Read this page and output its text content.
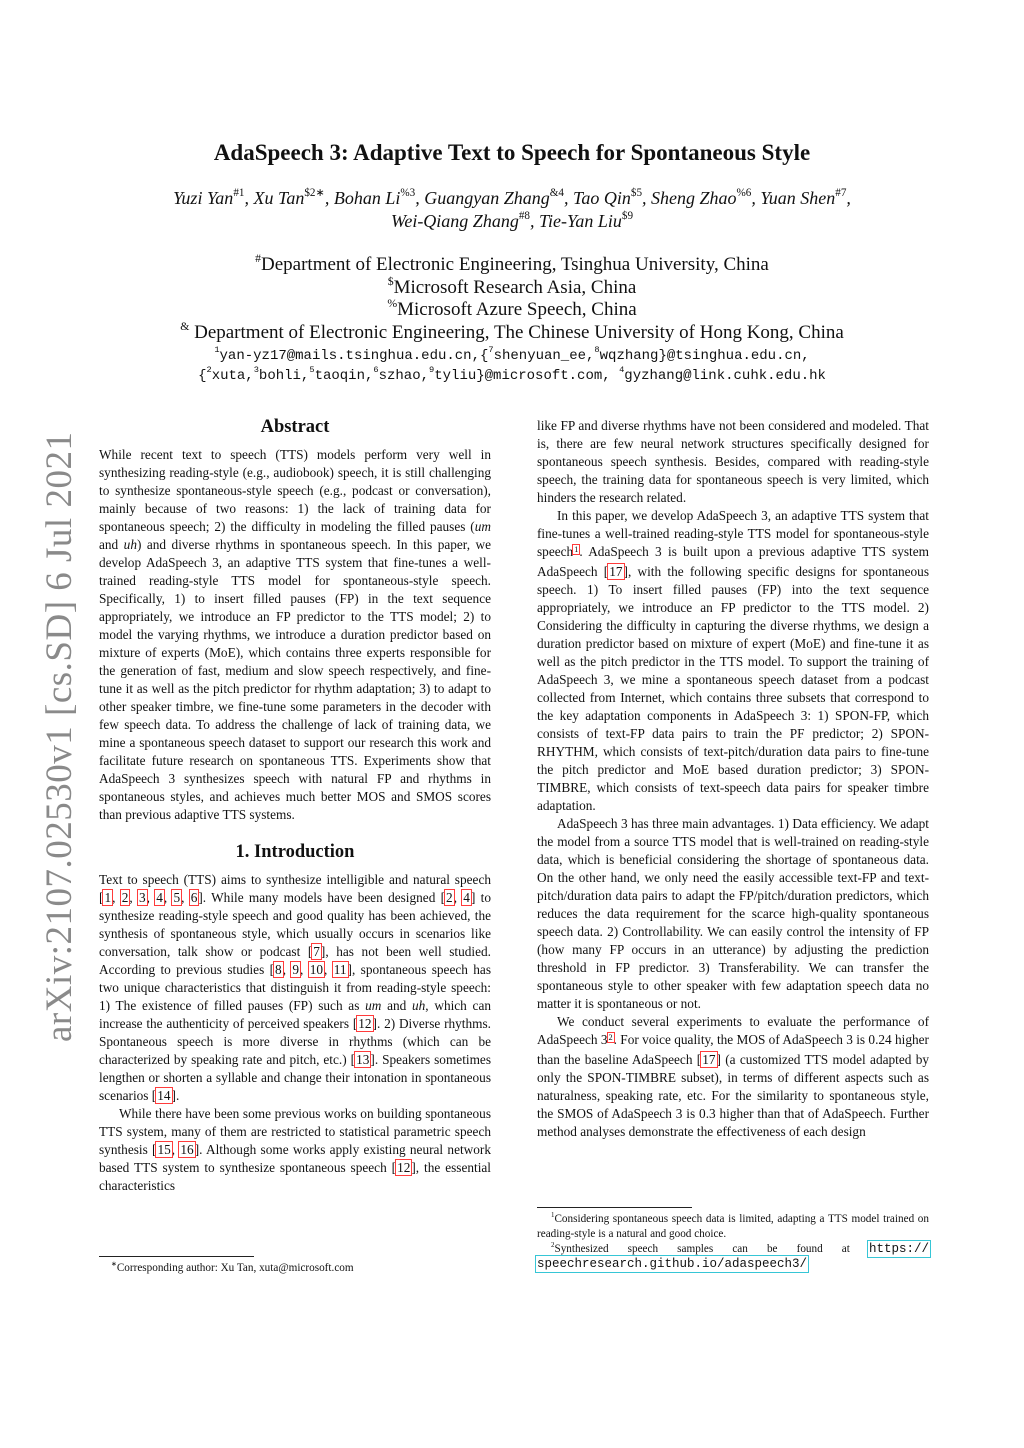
arXiv:2107.02530v1 [cs.SD] 6 Jul 2021
AdaSpeech 3: Adaptive Text to Speech for Spontaneous Style
Yuzi Yan$^{\#1}$, Xu Tan$^{\$2∗}$, Bohan $Li^{\%3}$, Guangyan Zhang$^{\&4}$, Tao Qin$^{\$5}$, Sheng Zhao$^{\%6}$, Yuan Shen$^{\#7}$,
Wei-Qiang Zhang$^{\#8}$, Tie-Yan Liu$^{\$9}$
#Department of Electronic Engineering, Tsinghua University, China
$Microsoft Research Asia, China
%Microsoft Azure Speech, China
& Department of Electronic Engineering, The Chinese University of Hong Kong, China
$^1$yan-yz17@mails.tsinghua.edu.cn,{$^7$shenyuan_ee,$^8$wqzhang}@tsinghua.edu.cn,
{$^2$xuta,$^3$bohli,$^5$taoqin,$^6$szhao,$^9$tyliu}@microsoft.com, $^4$gyzhang@link.cuhk.edu.hk
Abstract

While recent text to speech (TTS) models perform very well in synthesizing reading-style (e.g., audiobook) speech, it is still challenging to synthesize spontaneous-style speech (e.g., podcast or conversation), mainly because of two reasons: 1) the lack of training data for spontaneous speech; 2) the difficulty in modeling the filled pauses (um and uh) and diverse rhythms in spontaneous speech. In this paper, we develop AdaSpeech 3, an adaptive TTS system that fine-tunes a well-trained reading-style TTS model for spontaneous-style speech. Specifically, 1) to insert filled pauses (FP) in the text sequence appropriately, we introduce an FP predictor to the TTS model; 2) to model the varying rhythms, we introduce a duration predictor based on mixture of experts (MoE), which contains three experts responsible for the generation of fast, medium and slow speech respectively, and fine-tune it as well as the pitch predictor for rhythm adaptation; 3) to adapt to other speaker timbre, we fine-tune some parameters in the decoder with few speech data. To address the challenge of lack of training data, we mine a spontaneous speech dataset to support our research this work and facilitate future research on spontaneous TTS. Experiments show that AdaSpeech 3 synthesizes speech with natural FP and rhythms in spontaneous styles, and achieves much better MOS and SMOS scores than previous adaptive TTS systems.

1. Introduction

Text to speech (TTS) aims to synthesize intelligible and natural speech [1, 2, 3, 4, 5, 6]. While many models have been designed [2, 4] to synthesize reading-style speech and good quality has been achieved, the synthesis of spontaneous style, which usually occurs in scenarios like conversation, talk show or podcast [7], has not been well studied. According to previous studies [8, 9, 10, 11], spontaneous speech has two unique characteristics that distinguish it from reading-style speech: 1) The existence of filled pauses (FP) such as um and uh, which can increase the authenticity of perceived speakers [12]. 2) Diverse rhythms. Spontaneous speech is more diverse in rhythms (which can be characterized by speaking rate and pitch, etc.) [13]. Speakers sometimes lengthen or shorten a syllable and change their intonation in spontaneous scenarios [14].

While there have been some previous works on building spontaneous TTS system, many of them are restricted to statistical parametric speech synthesis [15, 16]. Although some works apply existing neural network based TTS system to synthesize spontaneous speech [12], the essential characteristics

∗Corresponding author: Xu Tan, xuta@microsoft.com

like FP and diverse rhythms have not been considered and modeled. That is, there are few neural network structures specifically designed for spontaneous speech synthesis. Besides, compared with reading-style speech, the training data for spontaneous speech is very limited, which hinders the research related.

In this paper, we develop AdaSpeech 3, an adaptive TTS system that fine-tunes a well-trained reading-style TTS model for spontaneous-style speech$^1$. AdaSpeech 3 is built upon a previous adaptive TTS system AdaSpeech [17], with the following specific designs for spontaneous speech. 1) To insert filled pauses (FP) into the text sequence appropriately, we introduce an FP predictor to the TTS model. 2) Considering the difficulty in capturing the diverse rhythms, we design a duration predictor based on mixture of expert (MoE) and fine-tune it as well as the pitch predictor in the TTS model. To support the training of AdaSpeech 3, we mine a spontaneous speech dataset from a podcast collected from Internet, which contains three subsets that correspond to the key adaptation components in AdaSpeech 3: 1) SPON-FP, which consists of text-FP data pairs to train the PF predictor; 2) SPON-RHYTHM, which consists of text-pitch/duration data pairs to fine-tune the pitch predictor and MoE based duration predictor; 3) SPON-TIMBRE, which consists of text-speech data pairs for speaker timbre adaptation.

AdaSpeech 3 has three main advantages. 1) Data efficiency. We adapt the model from a source TTS model that is well-trained on reading-style data, which is beneficial considering the shortage of spontaneous data. On the other hand, we only need the easily accessible text-FP and text-pitch/duration data pairs to adapt the FP/pitch/duration predictors, which reduces the data requirement for the scarce high-quality spontaneous speech data. 2) Controllability. We can easily control the intensity of FP (how many FP occurs in an utterance) by adjusting the prediction threshold in FP predictor. 3) Transferability. We can transfer the spontaneous style to other speaker with few adaptation speech data no matter it is spontaneous or not.

We conduct several experiments to evaluate the performance of AdaSpeech 3$^2$. For voice quality, the MOS of AdaSpeech 3 is 0.24 higher than the baseline AdaSpeech [17] (a customized TTS model adapted by only the SPON-TIMBRE subset), in terms of different aspects such as naturalness, speaking rate, etc. For the similarity to spontaneous style, the SMOS of AdaSpeech 3 is 0.3 higher than that of AdaSpeech. Further method analyses demonstrate the effectiveness of each design

$^1$Considering spontaneous speech data is limited, adapting a TTS model trained on reading-style is a natural and good choice.

$^2$Synthesized speech samples can be found at https:// speechresearch.github.io/adaspeech3/
